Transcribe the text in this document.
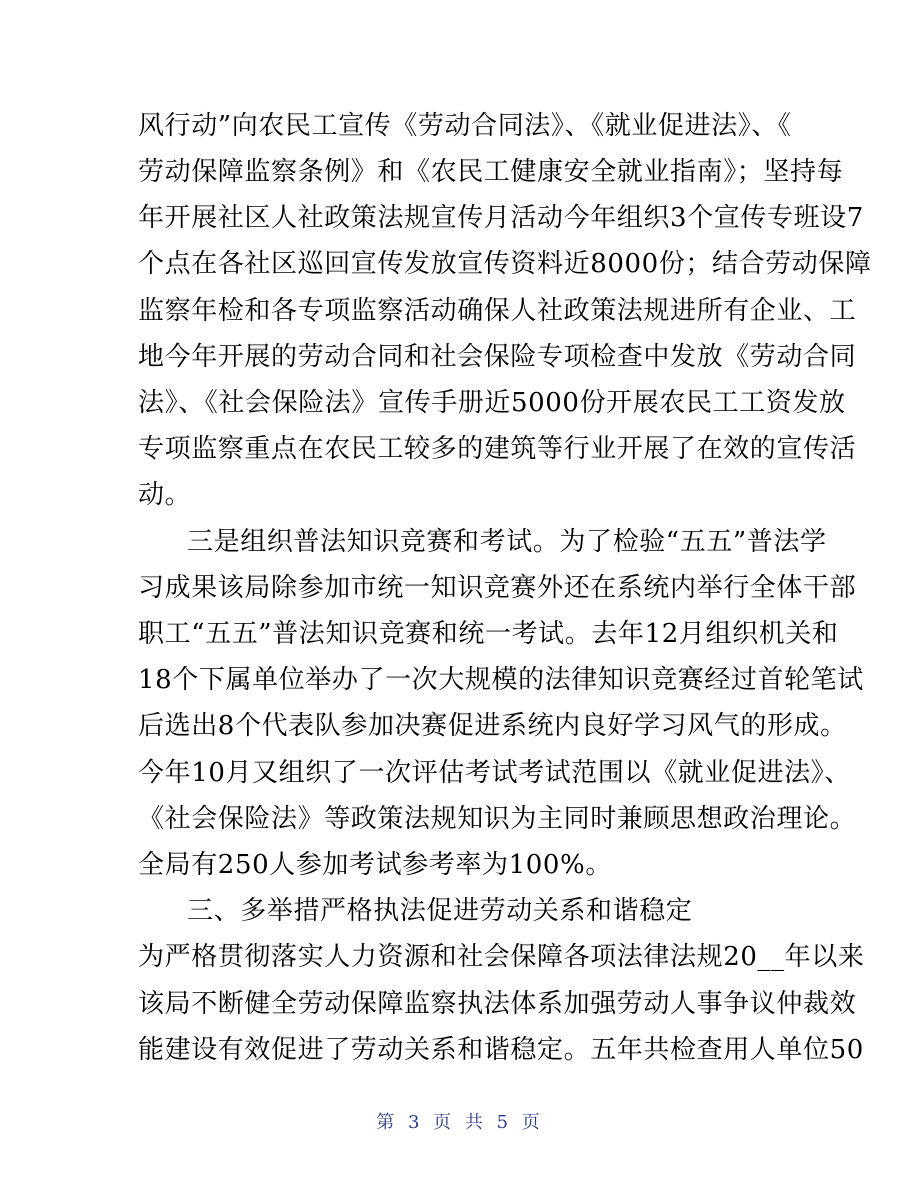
风行动”向农民工宣传《劳动合同法》、《就业促进法》、《
劳动保障监察条例》和《农民工健康安全就业指南》；坚持每
年开展社区人社政策法规宣传月活动今年组织3个宣传专班设7
个点在各社区巡回宣传发放宣传资料近8000份；结合劳动保障
监察年检和各专项监察活动确保人社政策法规进所有企业、工
地今年开展的劳动合同和社会保险专项检查中发放《劳动合同
法》、《社会保险法》宣传手册近5000份开展农民工工资发放
专项监察重点在农民工较多的建筑等行业开展了在效的宣传活
动。
三是组织普法知识竞赛和考试。为了检验“五五”普法学
习成果该局除参加市统一知识竞赛外还在系统内举行全体干部
职工“五五”普法知识竞赛和统一考试。去年12月组织机关和
18个下属单位举办了一次大规模的法律知识竞赛经过首轮笔试
后选出8个代表队参加决赛促进系统内良好学习风气的形成。
今年10月又组织了一次评估考试考试范围以《就业促进法》、
《社会保险法》等政策法规知识为主同时兼顾思想政治理论。
全局有250人参加考试参考率为100%。
三、多举措严格执法促进劳动关系和谐稳定
为严格贯彻落实人力资源和社会保障各项法律法规20__年以来
该局不断健全劳动保障监察执法体系加强劳动人事争议仲裁效
能建设有效促进了劳动关系和谐稳定。五年共检查用人单位50
第 3 页 共 5 页
